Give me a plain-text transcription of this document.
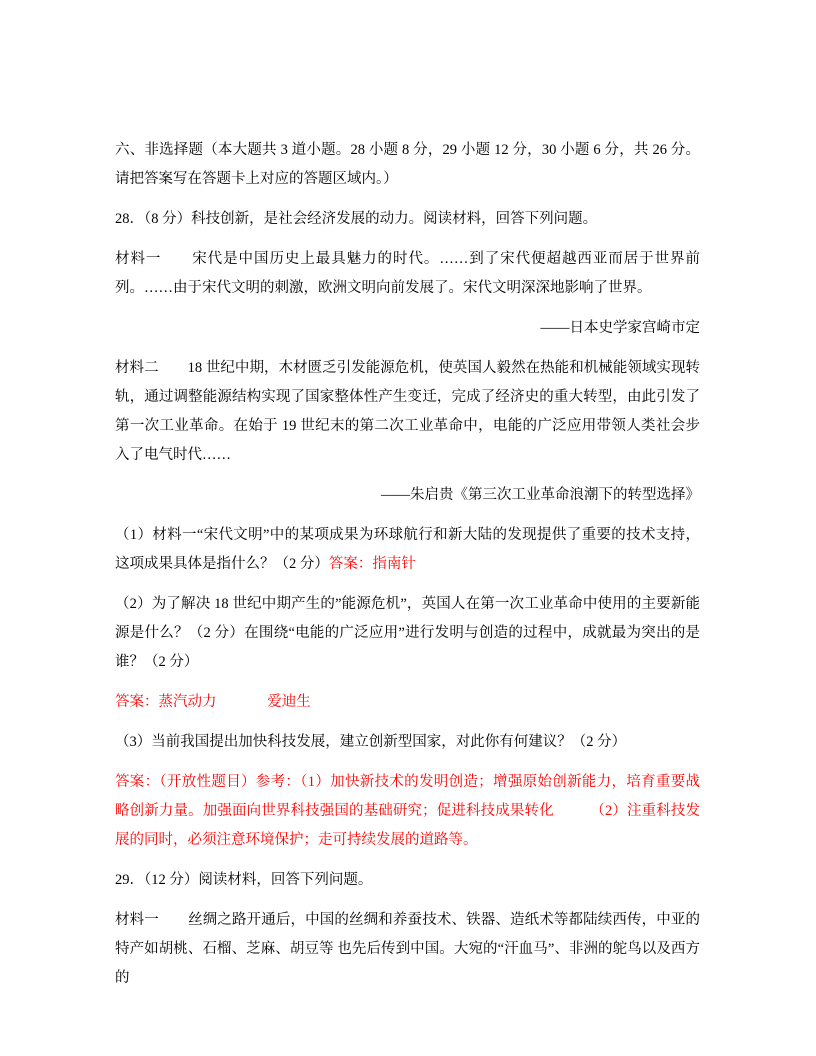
六、非选择题（本大题共 3 道小题。28 小题 8 分，29 小题 12 分，30 小题 6 分，共 26 分。请把答案写在答题卡上对应的答题区域内。）

28．（8 分）科技创新，是社会经济发展的动力。阅读材料，回答下列问题。

材料一　　宋代是中国历史上最具魅力的时代。……到了宋代便超越西亚而居于世界前列。……由于宋代文明的刺激，欧洲文明向前发展了。宋代文明深深地影响了世界。

——日本史学家宫崎市定

材料二　　18 世纪中期，木材匮乏引发能源危机，使英国人毅然在热能和机械能领域实现转轨，通过调整能源结构实现了国家整体性产生变迁，完成了经济史的重大转型，由此引发了第一次工业革命。在始于 19 世纪末的第二次工业革命中，电能的广泛应用带领人类社会步入了电气时代……

——朱启贵《第三次工业革命浪潮下的转型选择》

（1）材料一“宋代文明”中的某项成果为环球航行和新大陆的发现提供了重要的技术支持，这项成果具体是指什么？（2 分）答案：指南针

（2）为了解决 18 世纪中期产生的”能源危机”，英国人在第一次工业革命中使用的主要新能源是什么？（2 分）在围绕“电能的广泛应用”进行发明与创造的过程中，成就最为突出的是谁？（2 分）

答案：蒸汽动力	爱迪生

（3）当前我国提出加快科技发展，建立创新型国家，对此你有何建议？（2 分）

答案：（开放性题目）参考：（1）加快新技术的发明创造；增强原始创新能力，培育重要战略创新力量。加强面向世界科技强国的基础研究；促进科技成果转化　　　（2）注重科技发展的同时，必须注意环境保护；走可持续发展的道路等。

29．（12 分）阅读材料，回答下列问题。

材料一　　丝绸之路开通后，中国的丝绸和养蚕技术、铁器、造纸术等都陆续西传，中亚的特产如胡桃、石榴、芝麻、胡豆等 也先后传到中国。大宛的“汗血马”、非洲的鸵鸟以及西方的
